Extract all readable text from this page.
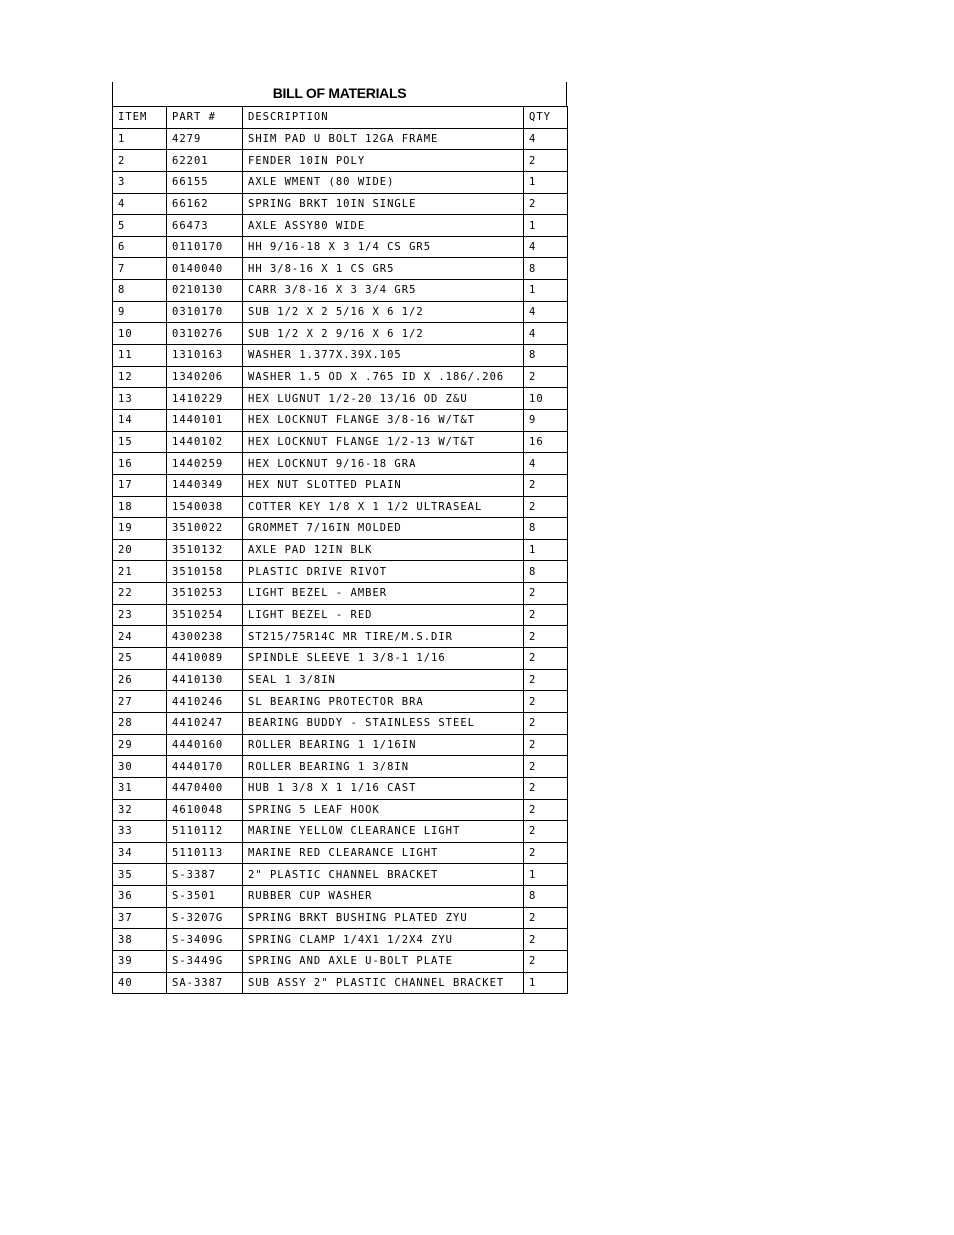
BILL OF MATERIALS
ITEM	PART #	DESCRIPTION	QTY
1	4279	SHIM PAD U BOLT 12GA FRAME	4
2	62201	FENDER 10IN POLY	2
3	66155	AXLE WMENT (80 WIDE)	1
4	66162	SPRING BRKT 10IN SINGLE	2
5	66473	AXLE ASSY80 WIDE	1
6	0110170	HH 9/16-18 X 3 1/4 CS GR5	4
7	0140040	HH 3/8-16 X 1 CS GR5	8
8	0210130	CARR 3/8-16 X 3 3/4 GR5	1
9	0310170	SUB 1/2 X 2 5/16 X 6 1/2	4
10	0310276	SUB 1/2 X 2 9/16 X 6 1/2	4
11	1310163	WASHER 1.377X.39X.105	8
12	1340206	WASHER 1.5 OD X .765 ID X .186/.206	2
13	1410229	HEX LUGNUT 1/2-20 13/16 OD Z&U	10
14	1440101	HEX LOCKNUT FLANGE 3/8-16 W/T&T	9
15	1440102	HEX LOCKNUT FLANGE 1/2-13 W/T&T	16
16	1440259	HEX LOCKNUT 9/16-18 GRA	4
17	1440349	HEX NUT SLOTTED PLAIN	2
18	1540038	COTTER KEY 1/8 X 1 1/2 ULTRASEAL	2
19	3510022	GROMMET 7/16IN MOLDED	8
20	3510132	AXLE PAD 12IN BLK	1
21	3510158	PLASTIC DRIVE RIVOT	8
22	3510253	LIGHT BEZEL - AMBER	2
23	3510254	LIGHT BEZEL - RED	2
24	4300238	ST215/75R14C MR TIRE/M.S.DIR	2
25	4410089	SPINDLE SLEEVE 1 3/8-1 1/16	2
26	4410130	SEAL 1 3/8IN	2
27	4410246	SL BEARING PROTECTOR BRA	2
28	4410247	BEARING BUDDY - STAINLESS STEEL	2
29	4440160	ROLLER BEARING 1 1/16IN	2
30	4440170	ROLLER BEARING 1 3/8IN	2
31	4470400	HUB 1 3/8 X 1 1/16 CAST	2
32	4610048	SPRING 5 LEAF HOOK	2
33	5110112	MARINE YELLOW CLEARANCE LIGHT	2
34	5110113	MARINE RED CLEARANCE LIGHT	2
35	S-3387	2" PLASTIC CHANNEL BRACKET	1
36	S-3501	RUBBER CUP WASHER	8
37	S-3207G	SPRING BRKT BUSHING PLATED ZYU	2
38	S-3409G	SPRING CLAMP 1/4X1 1/2X4 ZYU	2
39	S-3449G	SPRING AND AXLE U-BOLT PLATE	2
40	SA-3387	SUB ASSY 2" PLASTIC CHANNEL BRACKET	1
